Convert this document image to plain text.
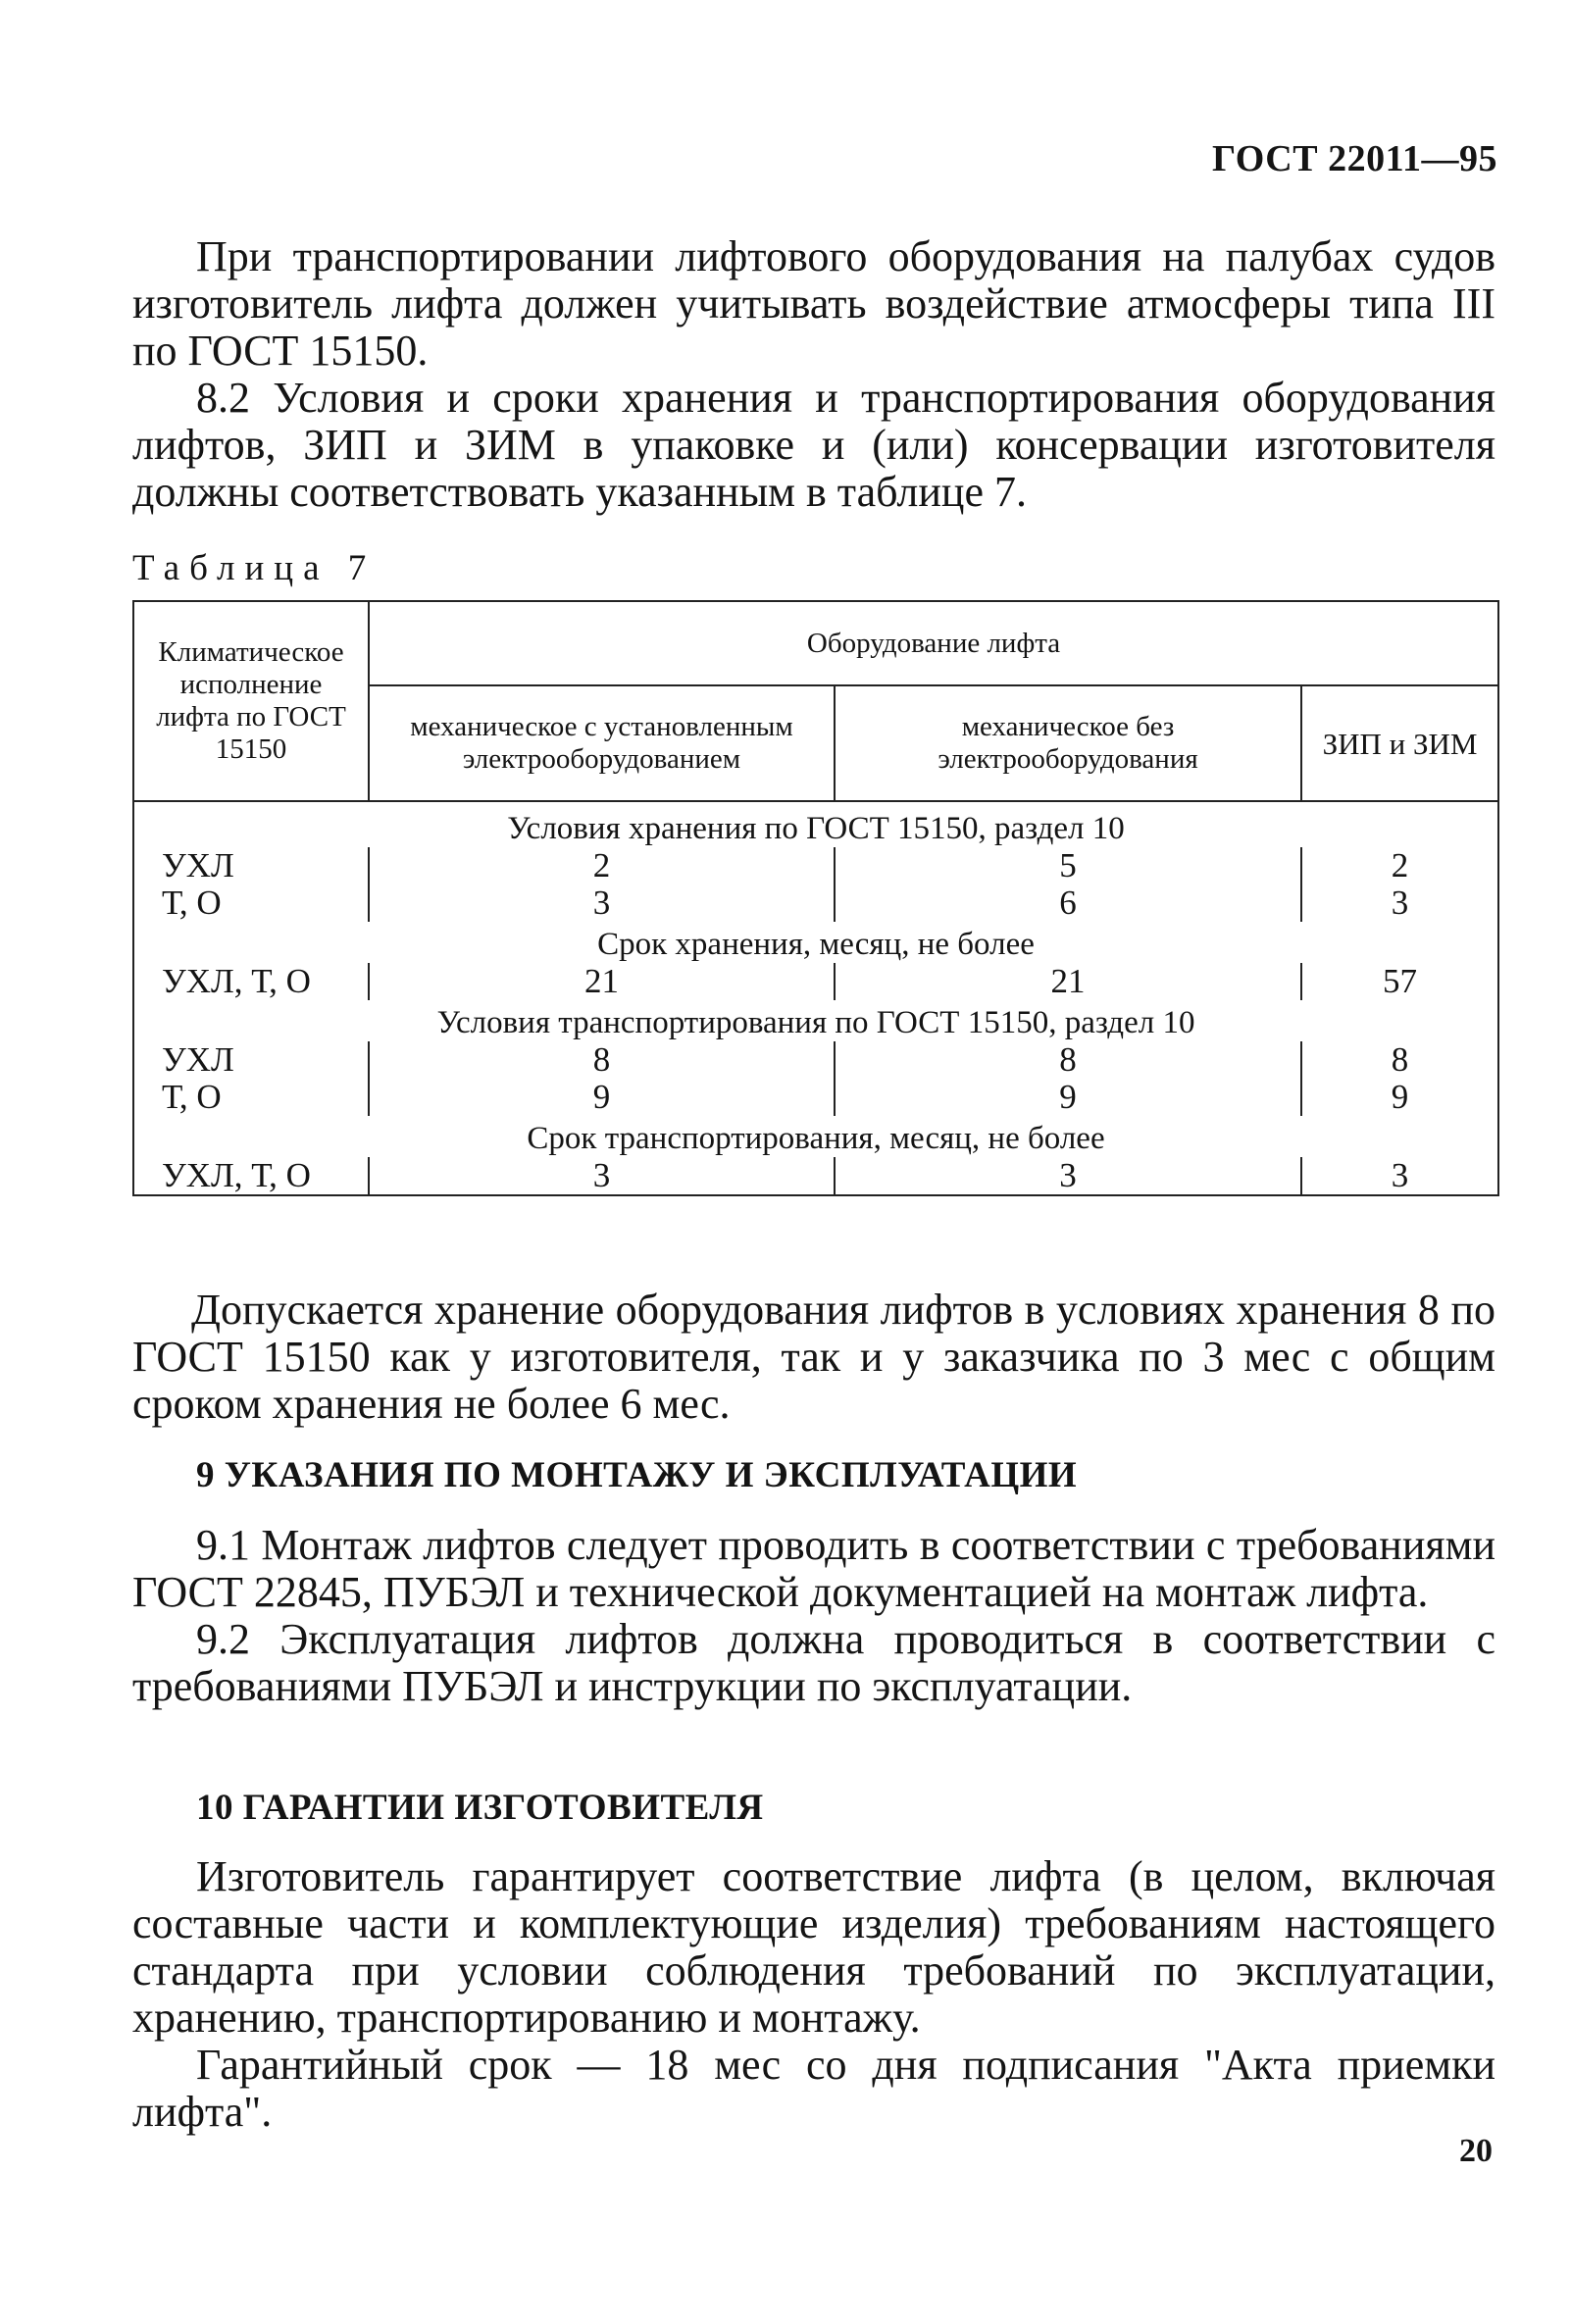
ГОСТ 22011—95

При транспортировании лифтового оборудования на палубах судов изготовитель лифта должен учитывать воздействие атмосферы типа III по ГОСТ 15150.

8.2 Условия и сроки хранения и транспортирования оборудования лифтов, ЗИП и ЗИМ в упаковке и (или) консервации изготовителя должны соответствовать указанным в таблице 7.

Таблица 7
Климатическое исполнение лифта по ГОСТ 15150	Оборудование лифта		
	механическое с установленным электрооборудованием	механическое без электрооборудования	ЗИП и ЗИМ
Условия хранения по ГОСТ 15150, раздел 10			
УХЛ	2	5	2
Т, О	3	6	3
Срок хранения, месяц, не более			
УХЛ, Т, О	21	21	57
Условия транспортирования по ГОСТ 15150, раздел 10			
УХЛ	8	8	8
Т, О	9	9	9
Срок транспортирования, месяц, не более			
УХЛ, Т, О	3	3	3

Допускается хранение оборудования лифтов в условиях хранения 8 по ГОСТ 15150 как у изготовителя, так и у заказчика по 3 мес с общим сроком хранения не более 6 мес.

9 УКАЗАНИЯ ПО МОНТАЖУ И ЭКСПЛУАТАЦИИ

9.1 Монтаж лифтов следует проводить в соответствии с требованиями ГОСТ 22845, ПУБЭЛ и технической документацией на монтаж лифта.

9.2 Эксплуатация лифтов должна проводиться в соответствии с требованиями ПУБЭЛ и инструкции по эксплуатации.

10 ГАРАНТИИ ИЗГОТОВИТЕЛЯ

Изготовитель гарантирует соответствие лифта (в целом, включая составные части и комплектующие изделия) требованиям настоящего стандарта при условии соблюдения требований по эксплуатации, хранению, транспортированию и монтажу.

Гарантийный срок — 18 мес со дня подписания "Акта приемки лифта".

20
